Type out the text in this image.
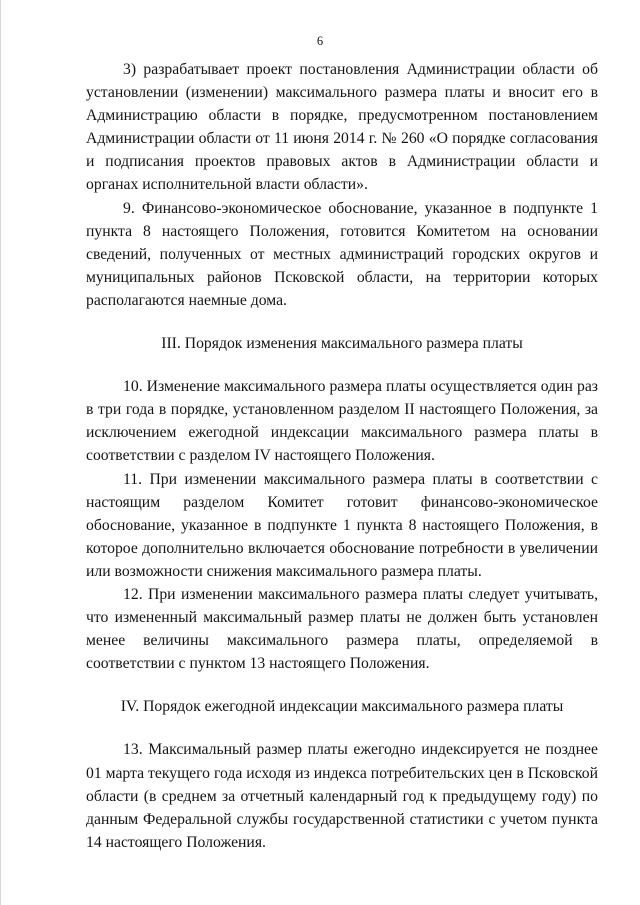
6

3) разрабатывает проект постановления Администрации области об установлении (изменении) максимального размера платы и вносит его в Администрацию области в порядке, предусмотренном постановлением Администрации области от 11 июня 2014 г. № 260 «О порядке согласования и подписания проектов правовых актов в Администрации области и органах исполнительной власти области».

9. Финансово-экономическое обоснование, указанное в подпункте 1 пункта 8 настоящего Положения, готовится Комитетом на основании сведений, полученных от местных администраций городских округов и муниципальных районов Псковской области, на территории которых располагаются наемные дома.

III. Порядок изменения максимального размера платы

10. Изменение максимального размера платы осуществляется один раз в три года в порядке, установленном разделом II настоящего Положения, за исключением ежегодной индексации максимального размера платы в соответствии с разделом IV настоящего Положения.

11. При изменении максимального размера платы в соответствии с настоящим разделом Комитет готовит финансово-экономическое обоснование, указанное в подпункте 1 пункта 8 настоящего Положения, в которое дополнительно включается обоснование потребности в увеличении или возможности снижения максимального размера платы.

12. При изменении максимального размера платы следует учитывать, что измененный максимальный размер платы не должен быть установлен менее величины максимального размера платы, определяемой в соответствии с пунктом 13 настоящего Положения.

IV. Порядок ежегодной индексации максимального размера платы

13. Максимальный размер платы ежегодно индексируется не позднее 01 марта текущего года исходя из индекса потребительских цен в Псковской области (в среднем за отчетный календарный год к предыдущему году) по данным Федеральной службы государственной статистики с учетом пункта 14 настоящего Положения.
